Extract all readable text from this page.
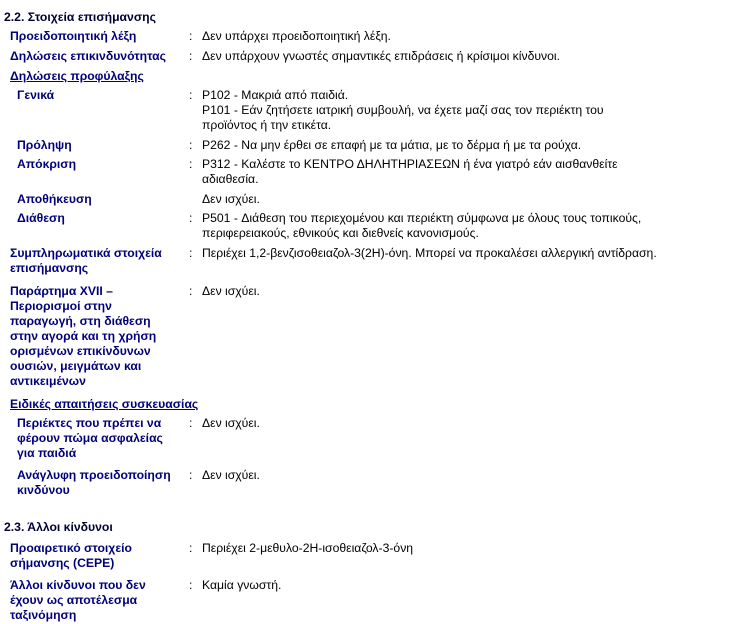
2.2. Στοιχεία επισήμανσης
Προειδοποιητική λέξη	: Δεν υπάρχει προειδοποιητική λέξη.
Δηλώσεις επικινδυνότητας : Δεν υπάρχουν γνωστές σημαντικές επιδράσεις ή κρίσιμοι κίνδυνοι.
Δηλώσεις προφύλαξης
Γενικά	: P102 - Μακριά από παιδιά.
P101 - Εάν ζητήσετε ιατρική συμβουλή, να έχετε μαζί σας τον περιέκτη του
προϊόντος ή την ετικέτα.
Πρόληψη	: P262 - Να μην έρθει σε επαφή με τα μάτια, με το δέρμα ή με τα ρούχα.
Απόκριση	: P312 - Καλέστε το ΚΕΝΤΡΟ ΔΗΛΗΤΗΡΙΑΣΕΩΝ ή ένα γιατρό εάν αισθανθείτε
αδιαθεσία.
Αποθήκευση	Δεν ισχύει.
Διάθεση	: P501 - Διάθεση του περιεχομένου και περιέκτη σύμφωνα με όλους τους τοπικούς,
περιφερειακούς, εθνικούς και διεθνείς κανονισμούς.
Συμπληρωματικά στοιχεία
επισήμανσης
: Περιέχει 1,2-βενζισοθειαζολ-3(2Η)-όνη. Μπορεί να προκαλέσει αλλεργική αντίδραση.
Παράρτημα XVII –
Περιορισμοί στην
παραγωγή, στη διάθεση
στην αγορά και τη χρήση
ορισμένων επικίνδυνων
ουσιών, μειγμάτων και
αντικειμένων
: Δεν ισχύει.
Ειδικές απαιτήσεις συσκευασίας
Περιέκτες που πρέπει να
φέρουν πώμα ασφαλείας
για παιδιά
: Δεν ισχύει.
Ανάγλυφη προειδοποίηση
κινδύνου
: Δεν ισχύει.
2.3. Άλλοι κίνδυνοι
Προαιρετικό στοιχείο
σήμανσης (CEPE)
: Περιέχει 2-μεθυλο-2Η-ισοθειαζολ-3-όνη
Άλλοι κίνδυνοι που δεν
έχουν ως αποτέλεσμα
ταξινόμηση
: Καμία γνωστή.
